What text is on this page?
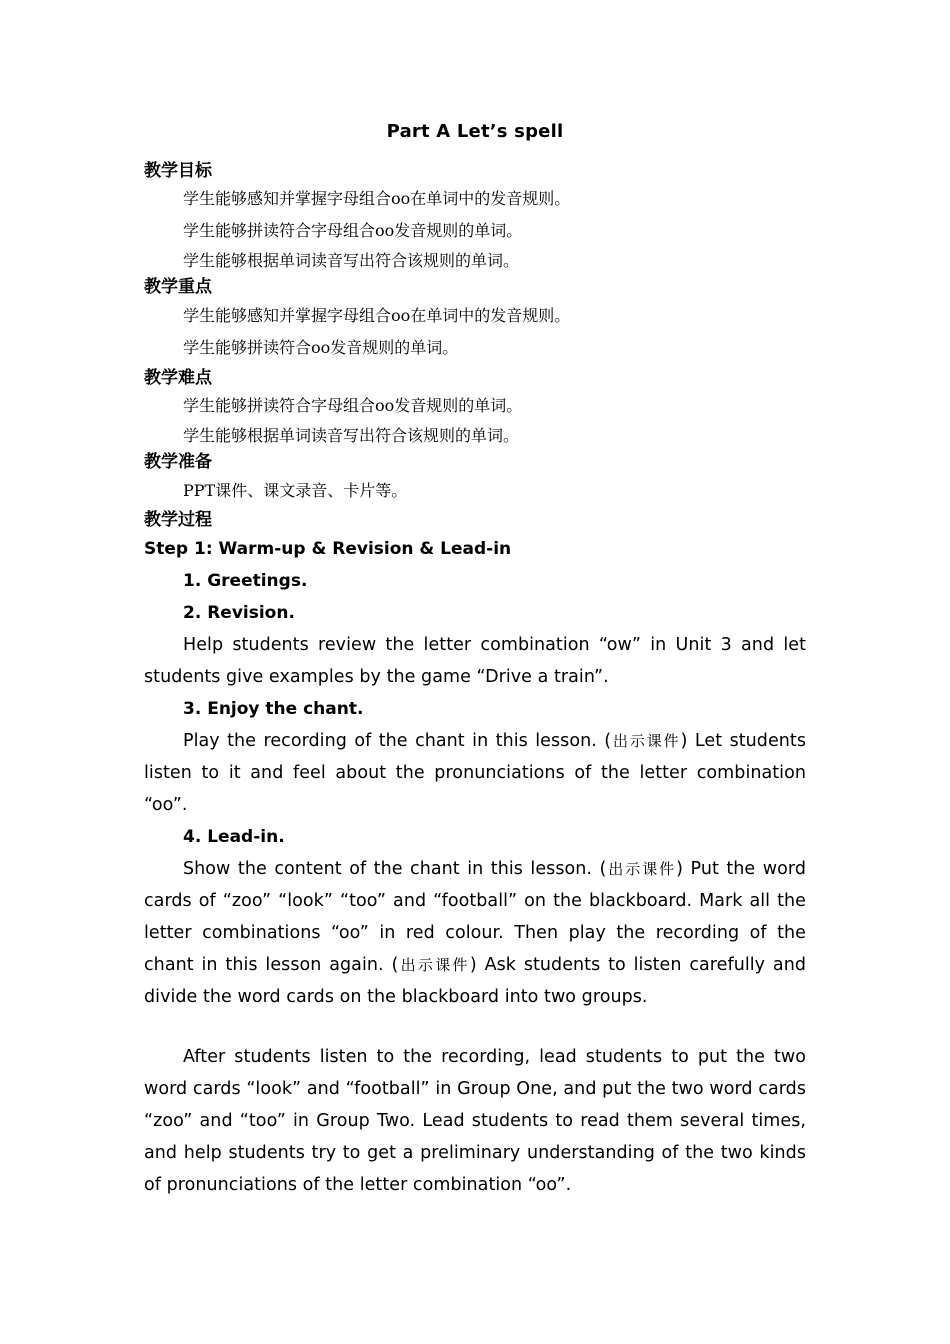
Part A Let’s spell
教学目标
学生能够感知并掌握字母组合oo在单词中的发音规则。
学生能够拼读符合字母组合oo发音规则的单词。
学生能够根据单词读音写出符合该规则的单词。
教学重点
学生能够感知并掌握字母组合oo在单词中的发音规则。
学生能够拼读符合oo发音规则的单词。
教学难点
学生能够拼读符合字母组合oo发音规则的单词。
学生能够根据单词读音写出符合该规则的单词。
教学准备
PPT课件、课文录音、卡片等。
教学过程
Step 1: Warm-up & Revision & Lead-in
1. Greetings.
2. Revision.

Help students review the letter combination “ow” in Unit 3 and let students give examples by the game “Drive a train”.

3. Enjoy the chant.

Play the recording of the chant in this lesson. (出示课件) Let students listen to it and feel about the pronunciations of the letter combination “oo”.

4. Lead-in.

Show the content of the chant in this lesson. (出示课件) Put the word cards of “zoo” “look” “too” and “football” on the blackboard. Mark all the letter combinations “oo” in red colour. Then play the recording of the chant in this lesson again. (出示课件) Ask students to listen carefully and divide the word cards on the blackboard into two groups.

After students listen to the recording, lead students to put the two word cards “look” and “football” in Group One, and put the two word cards “zoo” and “too” in Group Two. Lead students to read them several times, and help students try to get a preliminary understanding of the two kinds of pronunciations of the letter combination “oo”.
